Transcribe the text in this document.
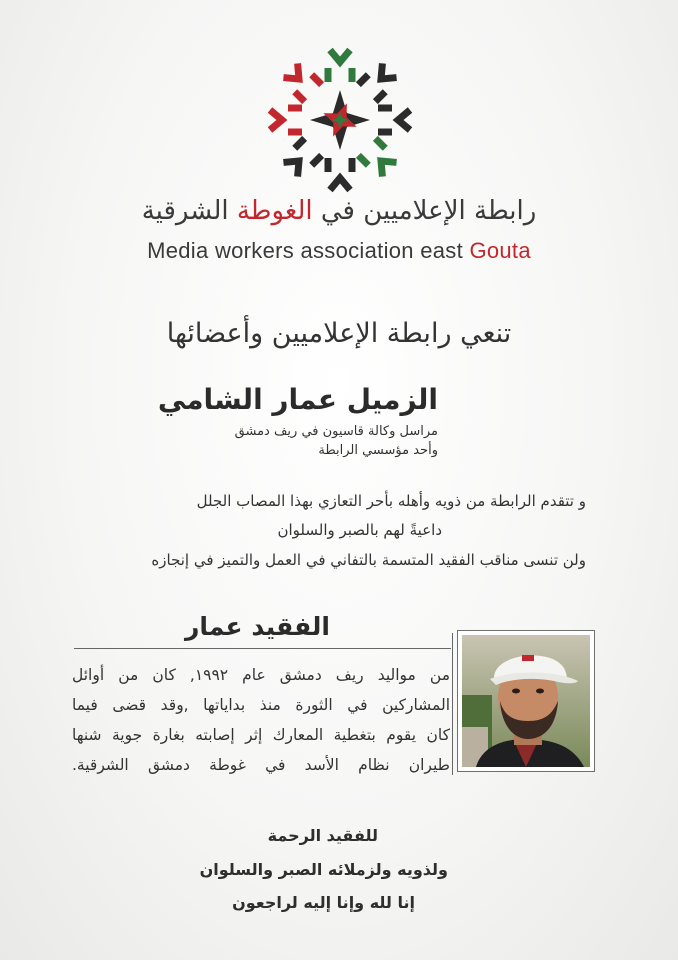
رابطة الإعلاميين في الغوطة الشرقية
Media workers association east Gouta
تنعي رابطة الإعلاميين وأعضائها
الزميل عمار الشامي
مراسل وكالة قاسيون في ريف دمشق
وأحد مؤسسي الرابطة
و تتقدم الرابطة من ذويه وأهله بأحر التعازي بهذا المصاب الجلل
داعيةً لهم بالصبر والسلوان
ولن تنسى مناقب الفقيد المتسمة بالتفاني في العمل والتميز في إنجازه
الفقيد عمار
من مواليد ريف دمشق عام ١٩٩٢, كان من أوائل
المشاركين في الثورة منذ بداياتها ,وقد قضى فيما
كان يقوم بتغطية المعارك إثر إصابته بغارة جوية شنها
طيران نظام الأسد في غوطة دمشق الشرقية.
للفقيد الرحمة
ولذويه ولزملائه الصبر والسلوان
إنا لله وإنا إليه لراجعون
